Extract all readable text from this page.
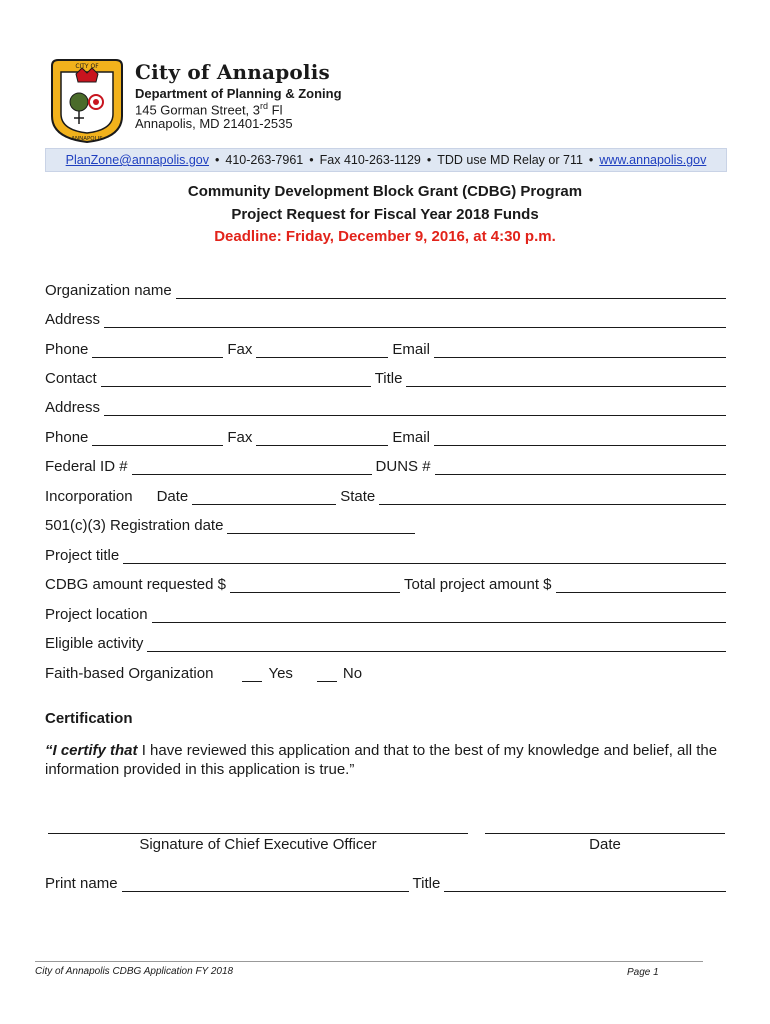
CITY OF
ANNAPOLIS
City of Annapolis
Department of Planning & Zoning
145 Gorman Street, 3rd Fl
Annapolis, MD 21401-2535
PlanZone@annapolis.gov • 410-263-7961 • Fax 410-263-1129 • TDD use MD Relay or 711 • www.annapolis.gov
Community Development Block Grant (CDBG) Program
Project Request for Fiscal Year 2018 Funds
Deadline: Friday, December 9, 2016, at 4:30 p.m.
Organization name
Address
Phone	Fax	Email
Contact	Title
Address
Phone	Fax	Email
Federal ID #	DUNS #
Incorporation Date	State
501(c)(3) Registration date
Project title
CDBG amount requested $	Total project amount $
Project location
Eligible activity
Faith-based Organization	Yes	No
Certification
“I certify that I have reviewed this application and that to the best of my knowledge and belief, all the information provided in this application is true.”
Signature of Chief Executive Officer	Date
Print name	Title
City of Annapolis CDBG Application FY 2018	Page 1
